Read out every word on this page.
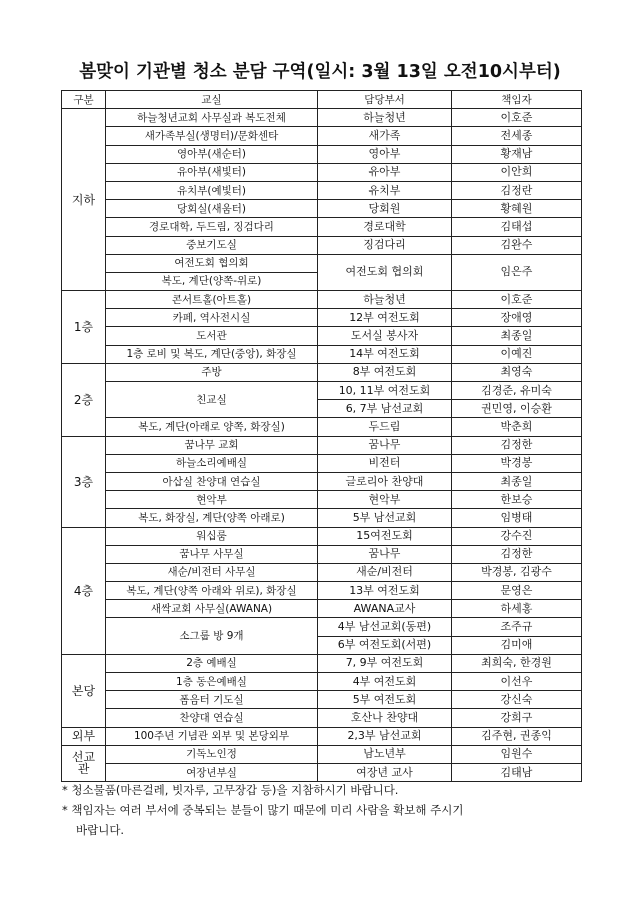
봄맞이 기관별 청소 분담 구역(일시: 3월 13일 오전10시부터)
구분	교실	담당부서	책임자
지하	하늘청년교회 사무실과 복도전체	하늘청년	이호준
	새가족부실(생명터)/문화센타	새가족	전세종
	영아부(새순터)	영아부	황재남
	유아부(새빛터)	유아부	이안희
	유치부(예빛터)	유치부	김정란
	당회실(새움터)	당회원	황혜원
	경로대학, 두드림, 징검다리	경로대학	김태섭
	중보기도실	징검다리	김완수
	여전도회 협의회	여전도회 협의회	임은주
	복도, 계단(양쪽-위로)		
1층	콘서트홀(아트홀)	하늘청년	이호준
	카페, 역사전시실	12부 여전도회	장애영
	도서관	도서실 봉사자	최종일
	1층 로비 및 복도, 계단(중앙), 화장실	14부 여전도회	이예진
2층	주방	8부 여전도회	최영숙
	친교실	10, 11부 여전도회	김경준, 유미숙
		6, 7부 남선교회	권민영, 이승환
	복도, 계단(아래로 양쪽, 화장실)	두드림	박춘희
3층	꿈나무 교회	꿈나무	김정한
	하늘소리예배실	비전터	박경봉
	아삽실 찬양대 연습실	글로리아 찬양대	최종일
	현악부	현악부	한보승
	복도, 화장실, 계단(양쪽 아래로)	5부 남선교회	임병태
4층	워십룸	15여전도회	강수진
	꿈나무 사무실	꿈나무	김정한
	새순/비전터 사무실	새순/비전터	박경봉, 김광수
	복도, 계단(양쪽 아래와 위로), 화장실	13부 여전도회	문영은
	새싹교회 사무실(AWANA)	AWANA교사	하세홍
	소그룹 방 9개	4부 남선교회(동편)	조주규
		6부 여전도회(서편)	김미애
본당	2층 예배실	7, 9부 여전도회	최희숙, 한경원
	1층 동은예배실	4부 여전도회	이선우
	폼음터 기도실	5부 여전도회	강신숙
	찬양대 연습실	호산나 찬양대	강희구
외부	100주년 기념관 외부 및 본당외부	2,3부 남선교회	김주현, 권종익

선교
관	기독노인정	남노년부	임원수
	여장년부실	여장년 교사	김태남

* 청소물품(마른걸레, 빗자루, 고무장갑 등)을 지참하시기 바랍니다.

* 책임자는 여러 부서에 중복되는 분들이 많기 때문에 미리 사람을 확보해 주시기

바랍니다.
